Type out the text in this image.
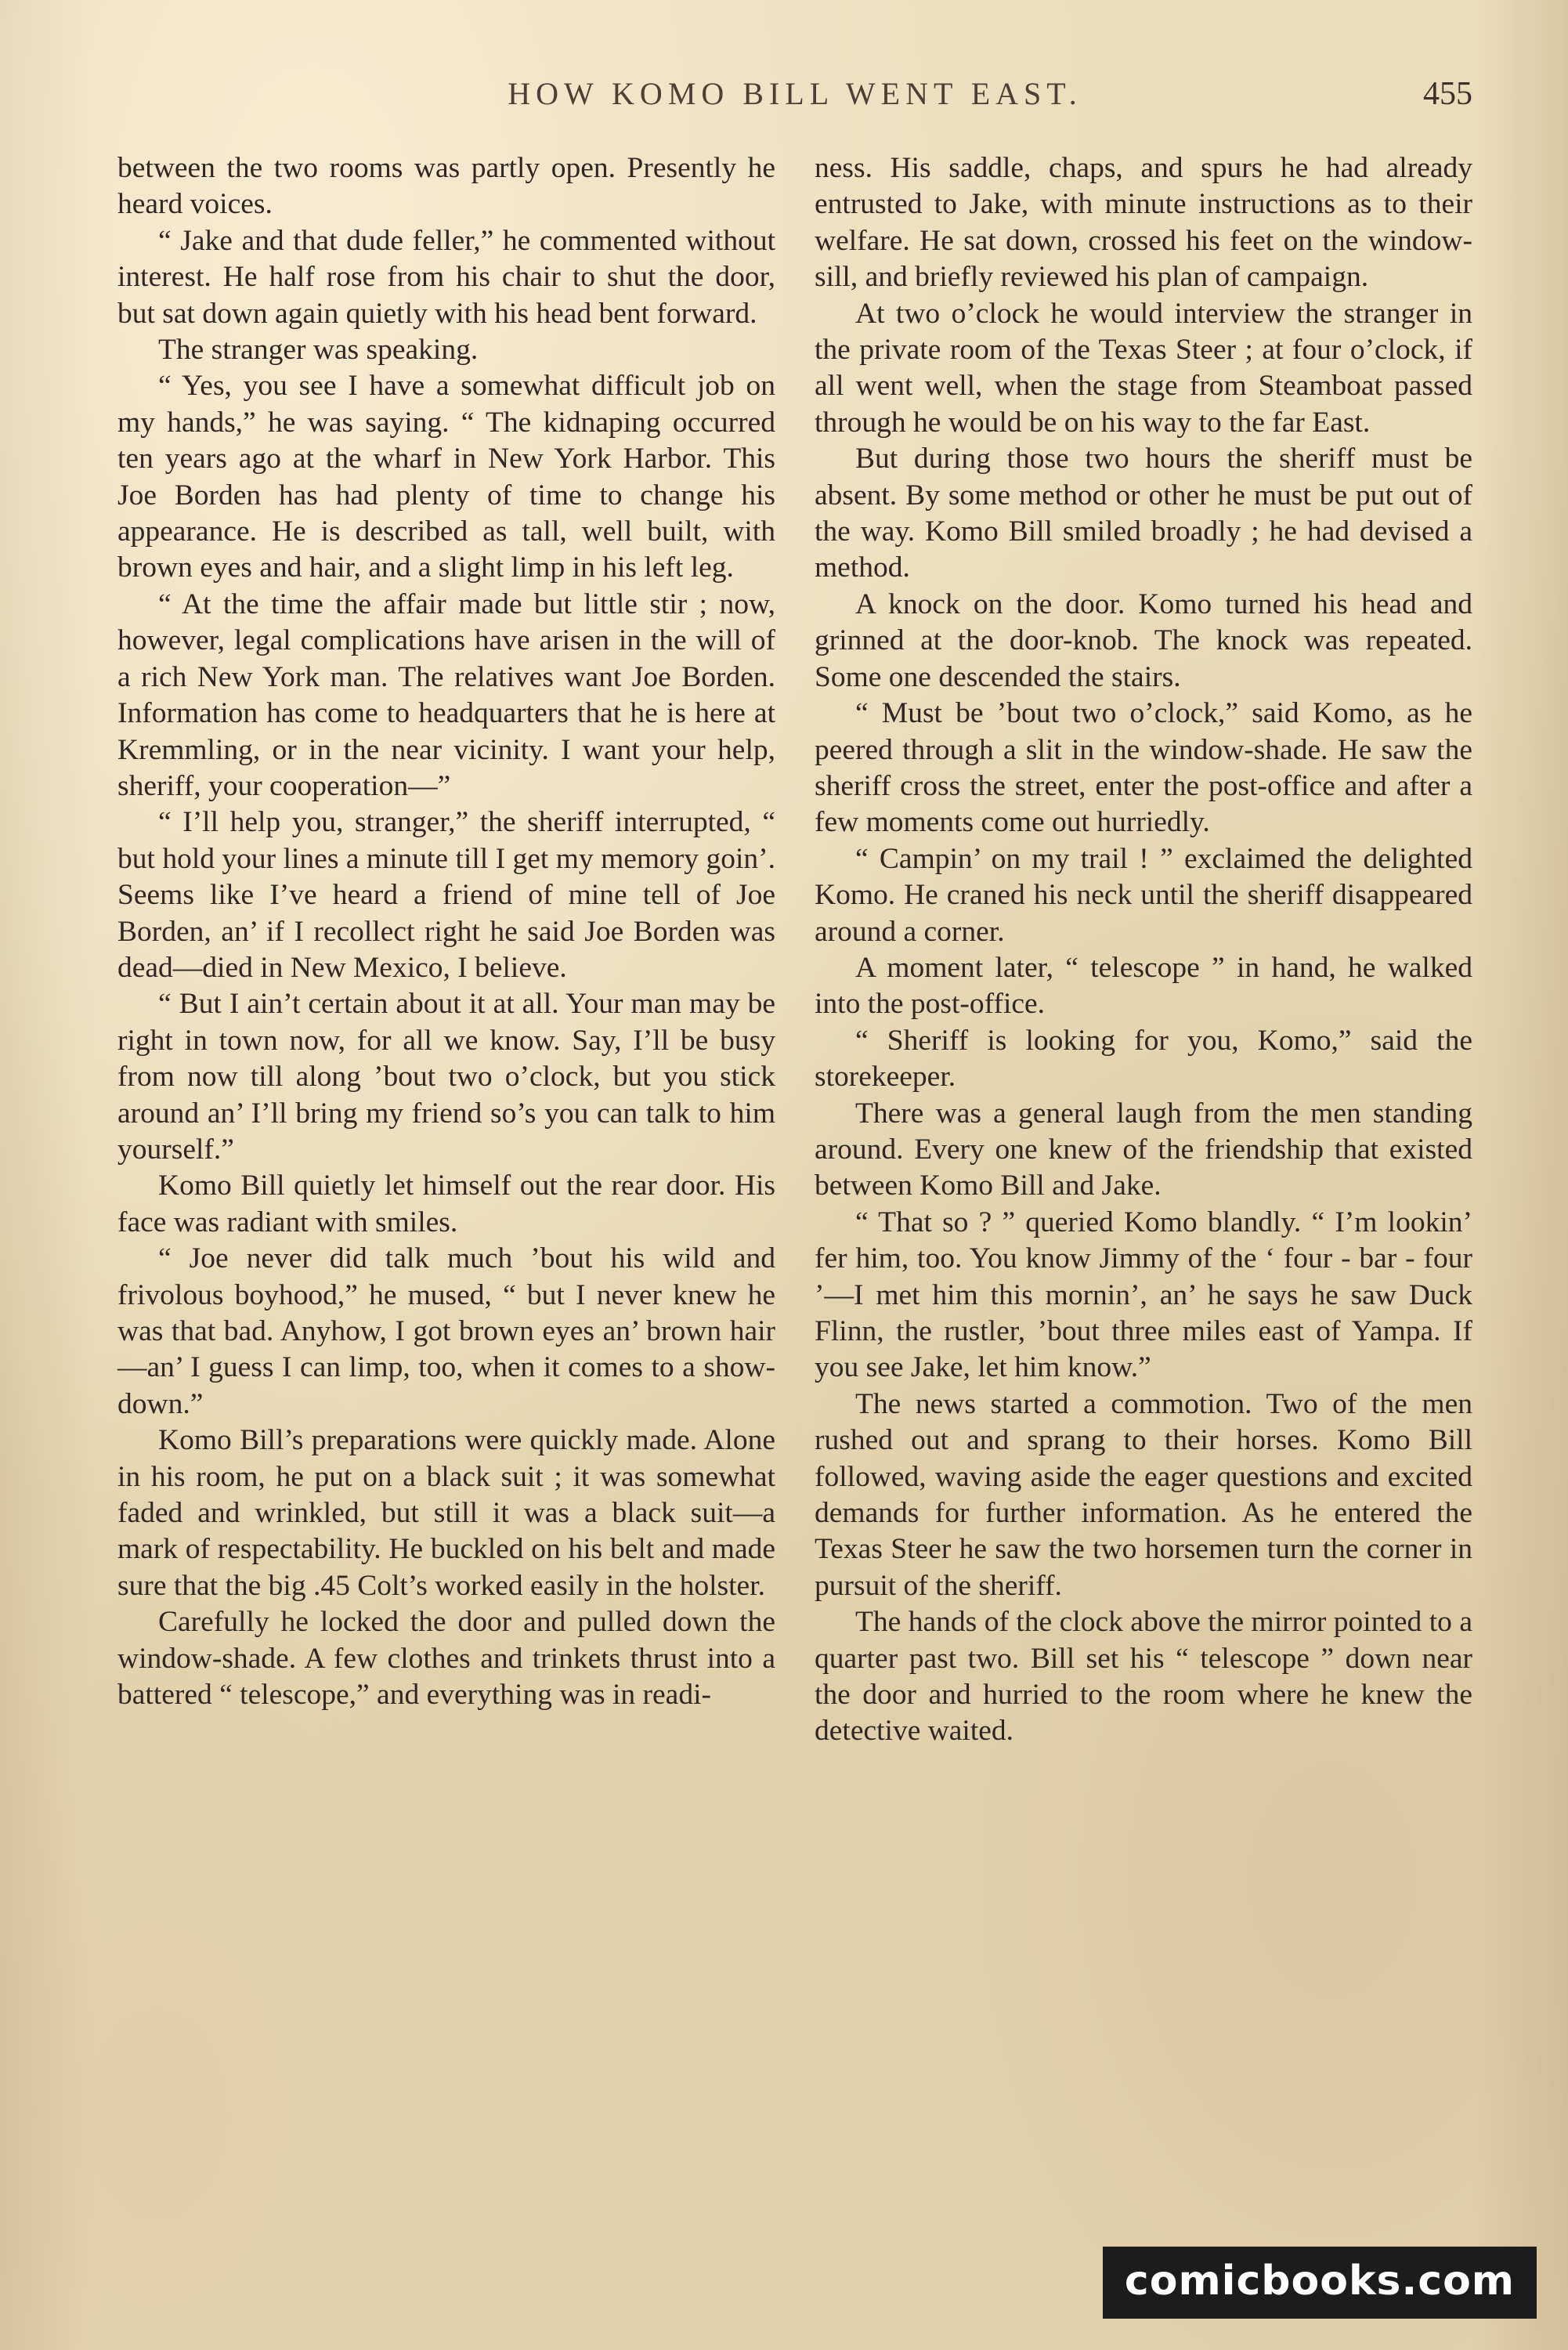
HOW KOMO BILL WENT EAST.	455

between the two rooms was partly open. Presently he heard voices.

“ Jake and that dude feller,” he commented without interest. He half rose from his chair to shut the door, but sat down again quietly with his head bent forward.

The stranger was speaking.

“ Yes, you see I have a somewhat difficult job on my hands,” he was saying. “ The kidnaping occurred ten years ago at the wharf in New York Harbor. This Joe Borden has had plenty of time to change his appearance. He is described as tall, well built, with brown eyes and hair, and a slight limp in his left leg.

“ At the time the affair made but little stir ; now, however, legal complications have arisen in the will of a rich New York man. The relatives want Joe Borden. Information has come to headquarters that he is here at Kremmling, or in the near vicinity. I want your help, sheriff, your cooperation—”

“ I’ll help you, stranger,” the sheriff interrupted, “ but hold your lines a minute till I get my memory goin’. Seems like I’ve heard a friend of mine tell of Joe Borden, an’ if I recollect right he said Joe Borden was dead—died in New Mexico, I believe.

“ But I ain’t certain about it at all. Your man may be right in town now, for all we know. Say, I’ll be busy from now till along ’bout two o’clock, but you stick around an’ I’ll bring my friend so’s you can talk to him yourself.”

Komo Bill quietly let himself out the rear door. His face was radiant with smiles.

“ Joe never did talk much ’bout his wild and frivolous boyhood,” he mused, “ but I never knew he was that bad. Anyhow, I got brown eyes an’ brown hair—an’ I guess I can limp, too, when it comes to a show-down.”

Komo Bill’s preparations were quickly made. Alone in his room, he put on a black suit ; it was somewhat faded and wrinkled, but still it was a black suit—a mark of respectability. He buckled on his belt and made sure that the big .45 Colt’s worked easily in the holster.

Carefully he locked the door and pulled down the window-shade. A few clothes and trinkets thrust into a battered “ telescope,” and everything was in readi-

ness. His saddle, chaps, and spurs he had already entrusted to Jake, with minute instructions as to their welfare. He sat down, crossed his feet on the window-sill, and briefly reviewed his plan of campaign.

At two o’clock he would interview the stranger in the private room of the Texas Steer ; at four o’clock, if all went well, when the stage from Steamboat passed through he would be on his way to the far East.

But during those two hours the sheriff must be absent. By some method or other he must be put out of the way. Komo Bill smiled broadly ; he had devised a method.

A knock on the door. Komo turned his head and grinned at the door-knob. The knock was repeated. Some one descended the stairs.

“ Must be ’bout two o’clock,” said Komo, as he peered through a slit in the window-shade. He saw the sheriff cross the street, enter the post-office and after a few moments come out hurriedly.

“ Campin’ on my trail ! ” exclaimed the delighted Komo. He craned his neck until the sheriff disappeared around a corner.

A moment later, “ telescope ” in hand, he walked into the post-office.

“ Sheriff is looking for you, Komo,” said the storekeeper.

There was a general laugh from the men standing around. Every one knew of the friendship that existed between Komo Bill and Jake.

“ That so ? ” queried Komo blandly. “ I’m lookin’ fer him, too. You know Jimmy of the ‘ four - bar - four ’—I met him this mornin’, an’ he says he saw Duck Flinn, the rustler, ’bout three miles east of Yampa. If you see Jake, let him know.”

The news started a commotion. Two of the men rushed out and sprang to their horses. Komo Bill followed, waving aside the eager questions and excited demands for further information. As he entered the Texas Steer he saw the two horsemen turn the corner in pursuit of the sheriff.

The hands of the clock above the mirror pointed to a quarter past two. Bill set his “ telescope ” down near the door and hurried to the room where he knew the detective waited.

comicbooks.com
